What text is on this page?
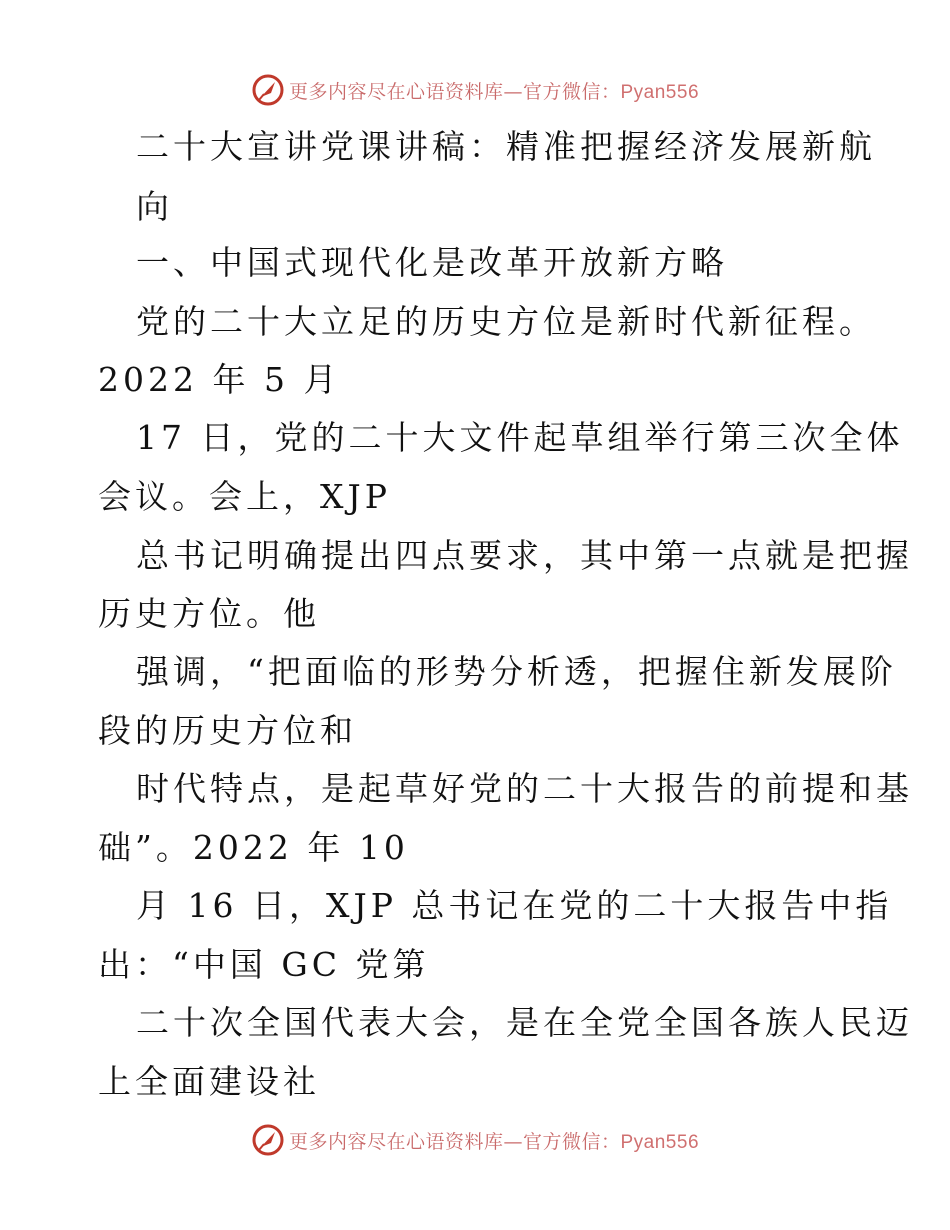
更多内容尽在心语资料库—官方微信：Pyan556
二十大宣讲党课讲稿：精准把握经济发展新航
向
一、中国式现代化是改革开放新方略
党的二十大立足的历史方位是新时代新征程。
2022 年 5 月
17 日，党的二十大文件起草组举行第三次全体
会议。会上，XJP
总书记明确提出四点要求，其中第一点就是把握
历史方位。他
强调，“把面临的形势分析透，把握住新发展阶
段的历史方位和
时代特点，是起草好党的二十大报告的前提和基
础”。2022 年 10
月 16 日，XJP 总书记在党的二十大报告中指
出：“中国 GC 党第
二十次全国代表大会，是在全党全国各族人民迈
上全面建设社
更多内容尽在心语资料库—官方微信：Pyan556
